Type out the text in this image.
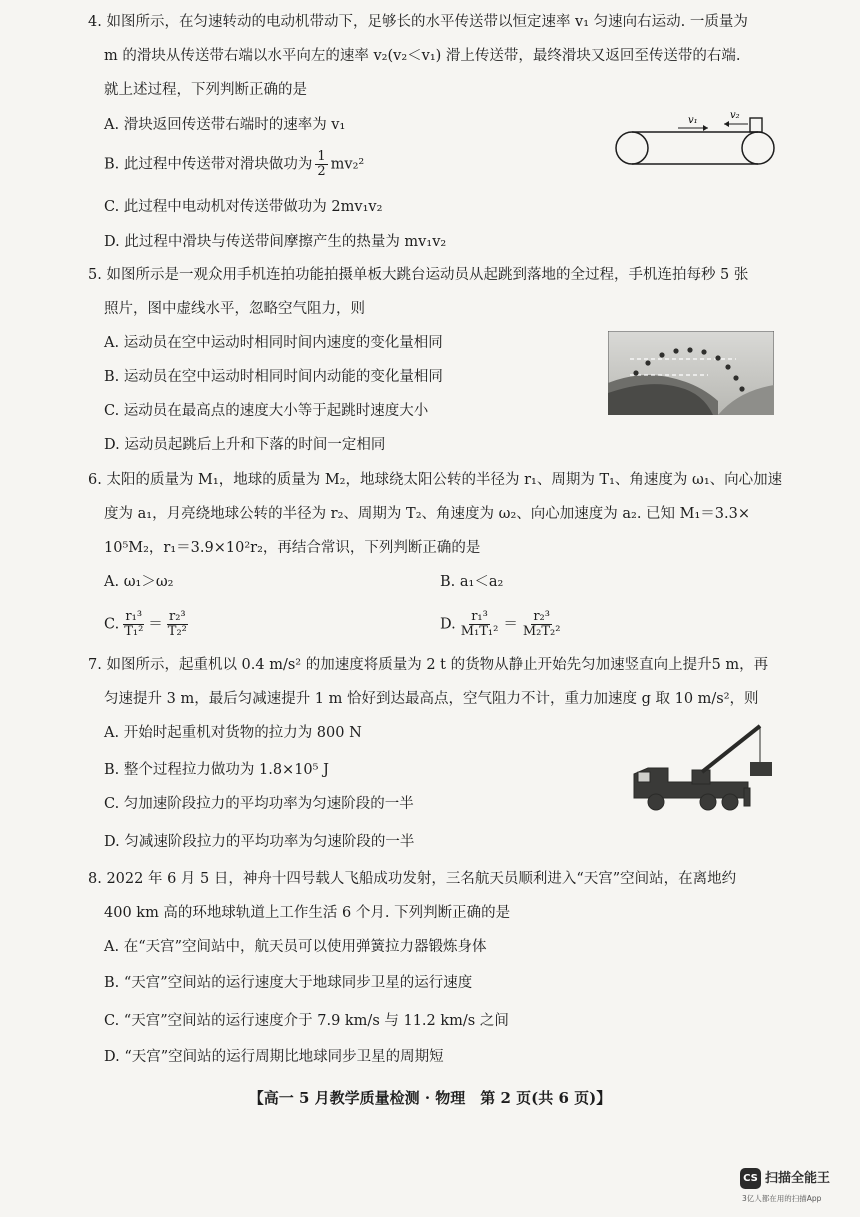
4. 如图所示，在匀速转动的电动机带动下，足够长的水平传送带以恒定速率 v₁ 匀速向右运动. 一质量为
m 的滑块从传送带右端以水平向左的速率 v₂(v₂＜v₁) 滑上传送带，最终滑块又返回至传送带的右端.
就上述过程，下列判断正确的是
A. 滑块返回传送带右端时的速率为 v₁
B. 此过程中传送带对滑块做功为 $\frac{1}{2} mv_2^2$
C. 此过程中电动机对传送带做功为 2mv₁v₂
D. 此过程中滑块与传送带间摩擦产生的热量为 mv₁v₂
v₁	v₂
5. 如图所示是一观众用手机连拍功能拍摄单板大跳台运动员从起跳到落地的全过程，手机连拍每秒 5 张
照片，图中虚线水平，忽略空气阻力，则
A. 运动员在空中运动时相同时间内速度的变化量相同
B. 运动员在空中运动时相同时间内动能的变化量相同
C. 运动员在最高点的速度大小等于起跳时速度大小
D. 运动员起跳后上升和下落的时间一定相同
6. 太阳的质量为 M₁，地球的质量为 M₂，地球绕太阳公转的半径为 r₁、周期为 T₁、角速度为 ω₁、向心加速
度为 a₁，月亮绕地球公转的半径为 r₂、周期为 T₂、角速度为 ω₂、向心加速度为 a₂. 已知 M₁＝3.3×
10⁵M₂，r₁＝3.9×10²r₂，再结合常识，下列判断正确的是
A. ω₁＞ω₂	B. a₁＜a₂
C. $\frac{\text{r₁³}}{\text{T₁²}} = \frac{\text{r₂³}}{\text{T₂²}}$	D. $\frac{\text{r₁³}}{\text{M₁T₁²}} = \frac{\text{r₂³}}{\text{M₂T₂²}}$
7. 如图所示，起重机以 0.4 m/s² 的加速度将质量为 2 t 的货物从静止开始先匀加速竖直向上提升5 m，再
匀速提升 3 m，最后匀减速提升 1 m 恰好到达最高点，空气阻力不计，重力加速度 g 取 10 m/s²，则
A. 开始时起重机对货物的拉力为 800 N
B. 整个过程拉力做功为 1.8×10⁵ J
C. 匀加速阶段拉力的平均功率为匀速阶段的一半
D. 匀减速阶段拉力的平均功率为匀速阶段的一半
8. 2022 年 6 月 5 日，神舟十四号载人飞船成功发射，三名航天员顺利进入“天宫”空间站，在离地约
400 km 高的环地球轨道上工作生活 6 个月. 下列判断正确的是
A. 在“天宫”空间站中，航天员可以使用弹簧拉力器锻炼身体
B. “天宫”空间站的运行速度大于地球同步卫星的运行速度
C. “天宫”空间站的运行速度介于 7.9 km/s 与 11.2 km/s 之间
D. “天宫”空间站的运行周期比地球同步卫星的周期短
【高一 5 月教学质量检测 · 物理　第 2 页(共 6 页)】
CS 扫描全能王
3亿人都在用的扫描App
